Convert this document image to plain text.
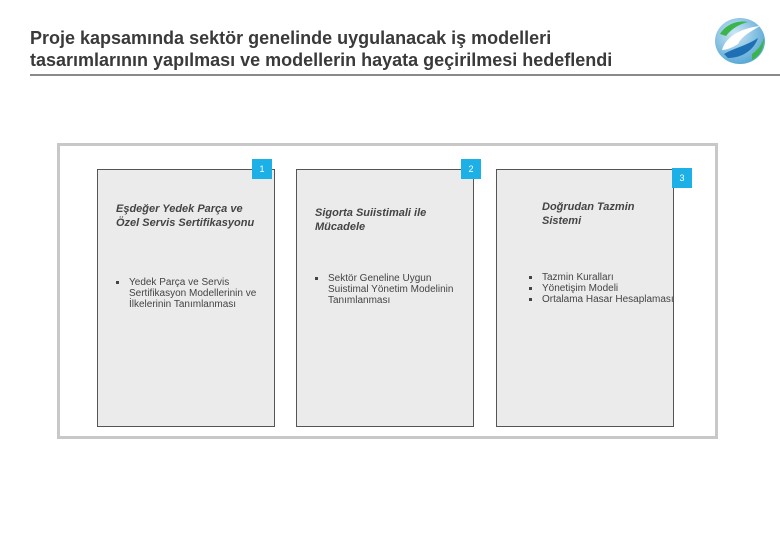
Proje kapsamında sektör genelinde uygulanacak iş modelleri
tasarımlarının yapılması ve modellerin hayata geçirilmesi hedeflendi
1
Eşdeğer Yedek Parça ve Özel Servis Sertifikasyonu
Yedek Parça ve Servis Sertifikasyon Modellerinin ve İlkelerinin Tanımlanması
2
Sigorta Suiistimali ile Mücadele
Sektör Geneline Uygun Suistimal Yönetim Modelinin Tanımlanması
3
Doğrudan Tazmin Sistemi
Tazmin Kuralları
Yönetişim Modeli
Ortalama Hasar Hesaplaması
